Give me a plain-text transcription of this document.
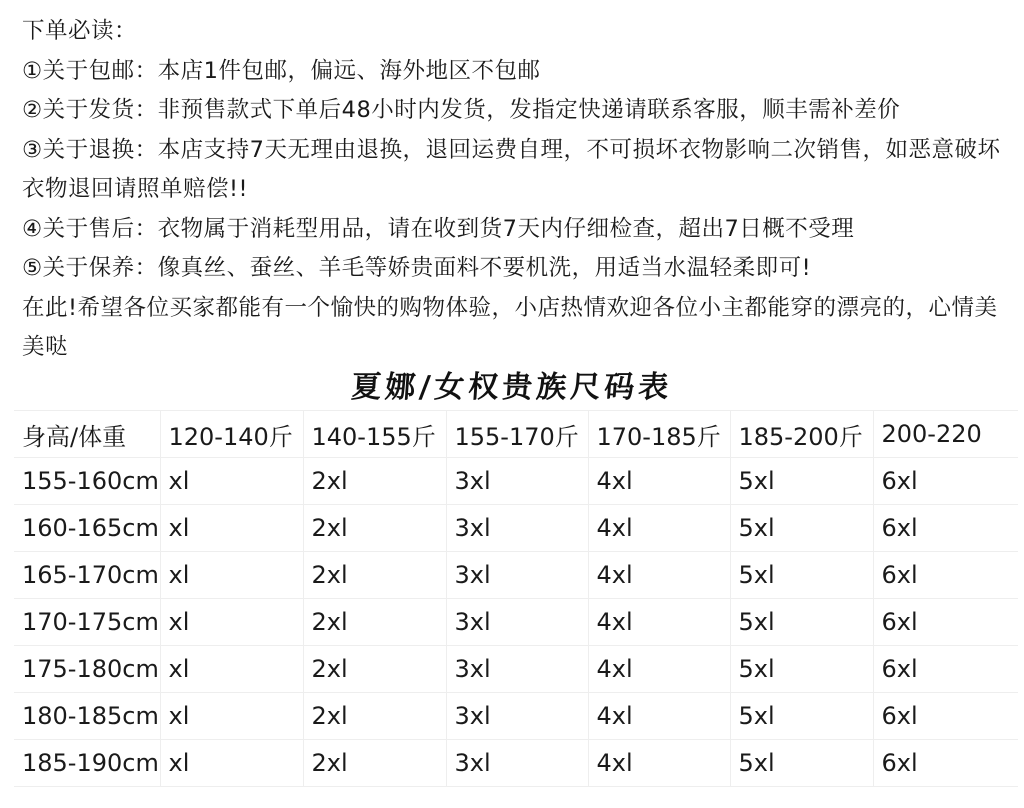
下单必读：
①关于包邮：本店1件包邮，偏远、海外地区不包邮
②关于发货：非预售款式下单后48小时内发货，发指定快递请联系客服，顺丰需补差价
③关于退换：本店支持7天无理由退换，退回运费自理，不可损坏衣物影响二次销售，如恶意破坏衣物退回请照单赔偿!!
④关于售后：衣物属于消耗型用品，请在收到货7天内仔细检查，超出7日概不受理
⑤关于保养：像真丝、蚕丝、羊毛等娇贵面料不要机洗，用适当水温轻柔即可!
在此!希望各位买家都能有一个愉快的购物体验，小店热情欢迎各位小主都能穿的漂亮的，心情美美哒
夏娜/女权贵族尺码表
身高/体重	120-140斤	140-155斤	155-170斤	170-185斤	185-200斤	200-220
155-160cm	xl	2xl	3xl	4xl	5xl	6xl
160-165cm	xl	2xl	3xl	4xl	5xl	6xl
165-170cm	xl	2xl	3xl	4xl	5xl	6xl
170-175cm	xl	2xl	3xl	4xl	5xl	6xl
175-180cm	xl	2xl	3xl	4xl	5xl	6xl
180-185cm	xl	2xl	3xl	4xl	5xl	6xl
185-190cm	xl	2xl	3xl	4xl	5xl	6xl
